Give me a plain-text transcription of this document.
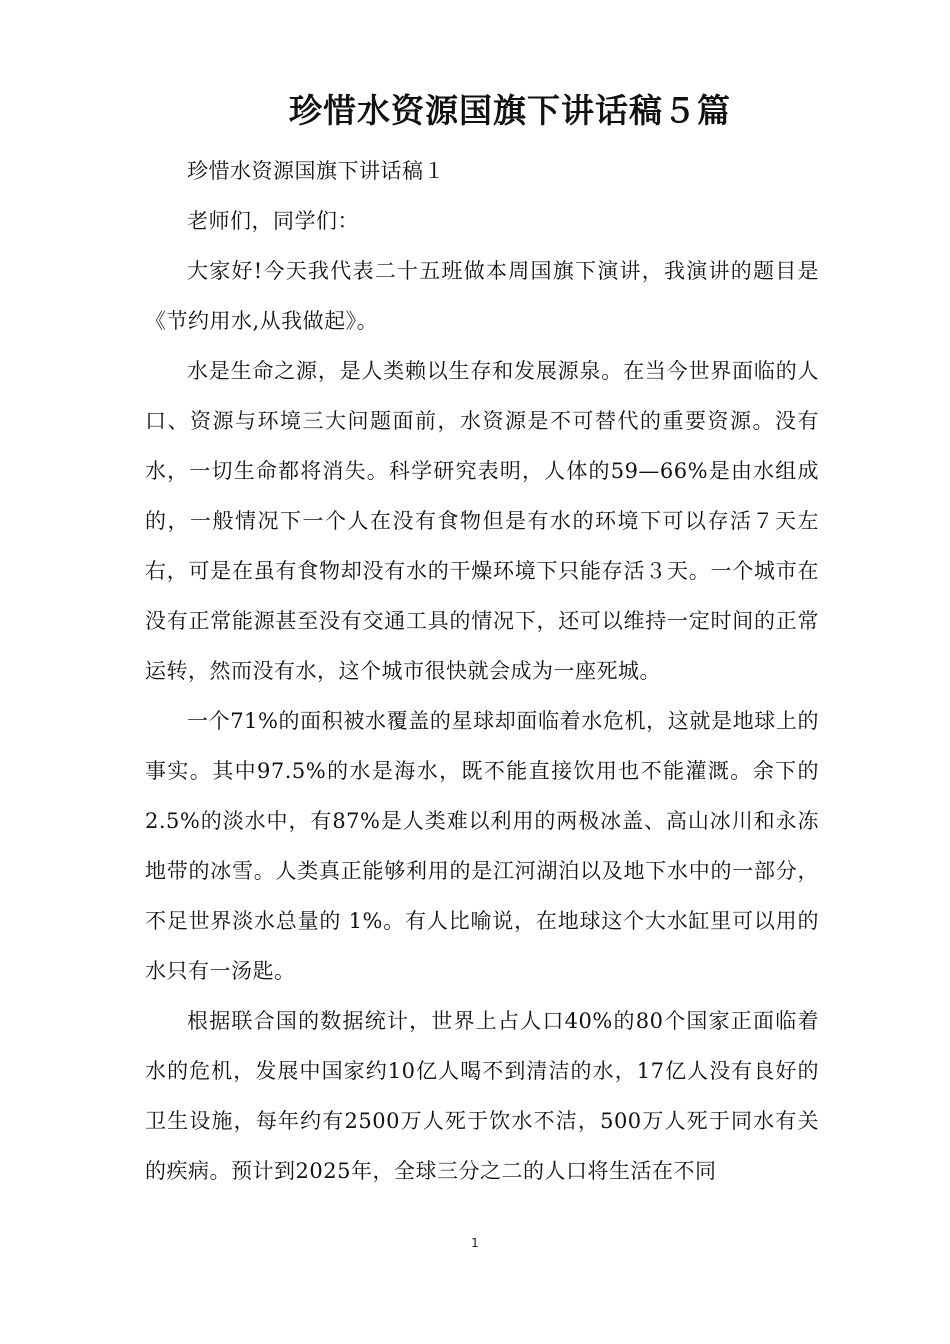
珍惜水资源国旗下讲话稿５篇

珍惜水资源国旗下讲话稿１

老师们，同学们：

大家好!今天我代表二十五班做本周国旗下演讲，我演讲的题目是《节约用水,从我做起》。

水是生命之源，是人类赖以生存和发展源泉。在当今世界面临的人口、资源与环境三大问题面前，水资源是不可替代的重要资源。没有水，一切生命都将消失。科学研究表明，人体的59—66%是由水组成的，一般情况下一个人在没有食物但是有水的环境下可以存活７天左右，可是在虽有食物却没有水的干燥环境下只能存活３天。一个城市在没有正常能源甚至没有交通工具的情况下，还可以维持一定时间的正常运转，然而没有水，这个城市很快就会成为一座死城。

一个71%的面积被水覆盖的星球却面临着水危机，这就是地球上的事实。其中97.5%的水是海水，既不能直接饮用也不能灌溉。余下的2.5%的淡水中，有87%是人类难以利用的两极冰盖、高山冰川和永冻地带的冰雪。人类真正能够利用的是江河湖泊以及地下水中的一部分，不足世界淡水总量的 1%。有人比喻说，在地球这个大水缸里可以用的水只有一汤匙。

根据联合国的数据统计，世界上占人口40%的80个国家正面临着水的危机，发展中国家约10亿人喝不到清洁的水，17亿人没有良好的卫生设施，每年约有2500万人死于饮水不洁，500万人死于同水有关的疾病。预计到2025年，全球三分之二的人口将生活在不同

1
